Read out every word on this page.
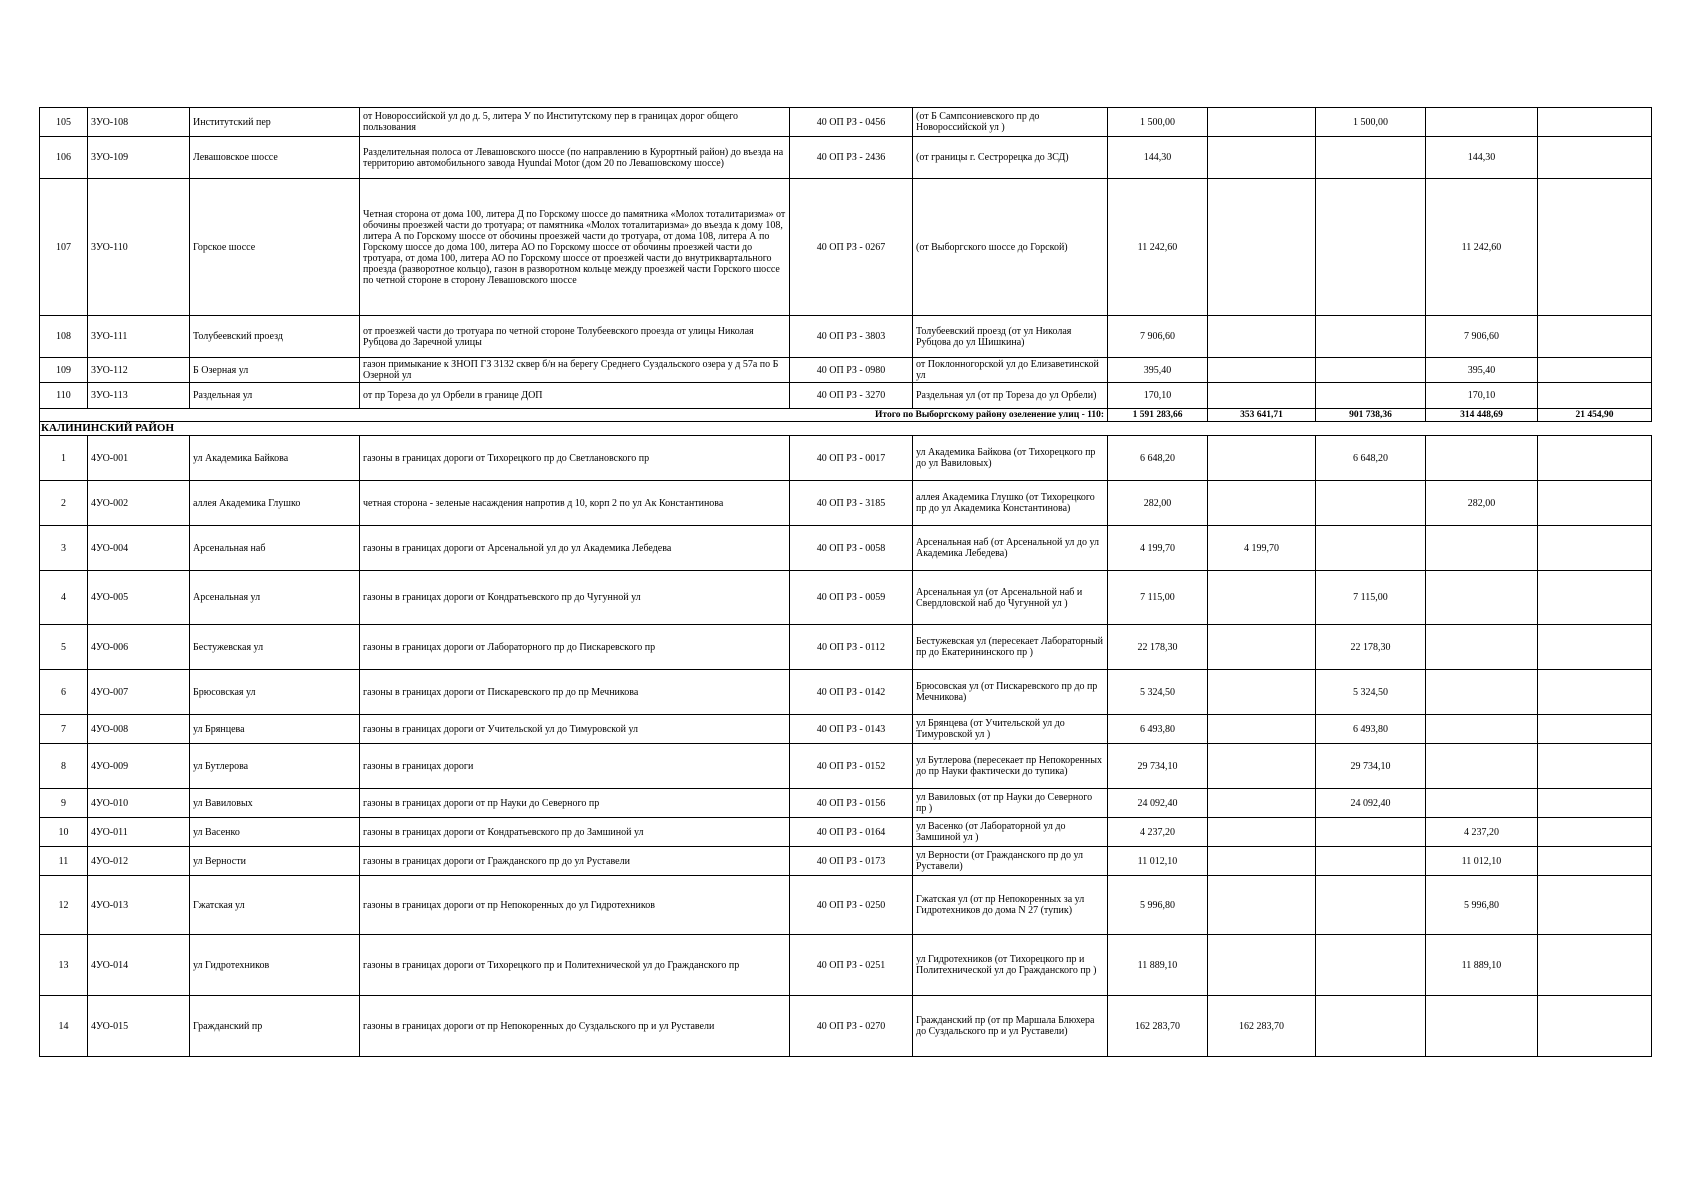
105	3УО-108	Институтский пер	от Новороссийской ул до д. 5, литера У по Институтскому пер в границах дорог общего пользования	40 ОП РЗ - 0456	(от Б Сампсониевского пр до Новороссийской ул )	1 500,00		1 500,00		
106	3УО-109	Левашовское шоссе	Разделительная полоса от Левашовского шоссе (по направлению в Курортный район) до въезда на территорию автомобильного завода Hyundai Motor (дом 20 по Левашовскому шоссе)	40 ОП РЗ - 2436	(от границы г. Сестрорецка до ЗСД)	144,30			144,30	
107	3УО-110	Горское шоссе	Четная сторона от дома 100, литера Д по Горскому шоссе до памятника «Молох тоталитаризма» от обочины проезжей части до тротуара; от памятника «Молох тоталитаризма» до въезда к дому 108, литера А по Горскому шоссе от обочины проезжей части до тротуара, от дома 108, литера А по Горскому шоссе до дома 100, литера АО по Горскому шоссе от обочины проезжей части до тротуара, от дома 100, литера АО по Горскому шоссе от проезжей части до внутриквартального проезда (разворотное кольцо), газон в разворотном кольце между проезжей части Горского шоссе по четной стороне в сторону Левашовского шоссе	40 ОП РЗ - 0267	(от Выборгского шоссе до Горской)	11 242,60			11 242,60	
108	3УО-111	Толубеевский проезд	от проезжей части до тротуара по четной стороне Толубеевского проезда от улицы Николая Рубцова до Заречной улицы	40 ОП РЗ - 3803	Толубеевский проезд (от ул Николая Рубцова до ул Шишкина)	7 906,60			7 906,60	
109	3УО-112	Б Озерная ул	газон примыкание к ЗНОП ГЗ 3132 сквер б/н на берегу Среднего Суздальского озера у д 57а по Б Озерной ул	40 ОП РЗ - 0980	от Поклонногорской ул до Елизаветинской ул	395,40			395,40	
110	3УО-113	Раздельная ул	от пр Тореза до ул Орбели в границе ДОП	40 ОП РЗ - 3270	Раздельная ул (от пр Тореза до ул Орбели)	170,10			170,10	
Итого по Выборгскому району озеленение улиц - 110:						1 591 283,66	353 641,71	901 738,36	314 448,69	21 454,90
КАЛИНИНСКИЙ РАЙОН										
1	4УО-001	ул Академика Байкова	газоны в границах дороги от Тихорецкого пр до Светлановского пр	40 ОП РЗ - 0017	ул Академика Байкова (от Тихорецкого пр до ул Вавиловых)	6 648,20		6 648,20		
2	4УО-002	аллея Академика Глушко	четная сторона - зеленые насаждения напротив д 10, корп 2 по ул Ак Константинова	40 ОП РЗ - 3185	аллея Академика Глушко (от Тихорецкого пр до ул Академика Константинова)	282,00			282,00	
3	4УО-004	Арсенальная наб	газоны в границах дороги от Арсенальной ул до ул Академика Лебедева	40 ОП РЗ - 0058	Арсенальная наб (от Арсенальной ул до ул Академика Лебедева)	4 199,70	4 199,70			
4	4УО-005	Арсенальная ул	газоны в границах дороги от Кондратьевского пр до Чугунной ул	40 ОП РЗ - 0059	Арсенальная ул (от Арсенальной наб и Свердловской наб до Чугунной ул )	7 115,00		7 115,00		
5	4УО-006	Бестужевская ул	газоны в границах дороги от Лабораторного пр до Пискаревского пр	40 ОП РЗ - 0112	Бестужевская ул (пересекает Лабораторный пр до Екатерининского пр )	22 178,30		22 178,30		
6	4УО-007	Брюсовская ул	газоны в границах дороги от Пискаревского пр до пр Мечникова	40 ОП РЗ - 0142	Брюсовская ул (от Пискаревского пр до пр Мечникова)	5 324,50		5 324,50		
7	4УО-008	ул Брянцева	газоны в границах дороги от Учительской ул до Тимуровской ул	40 ОП РЗ - 0143	ул Брянцева (от Учительской ул до Тимуровской ул )	6 493,80		6 493,80		
8	4УО-009	ул Бутлерова	газоны в границах дороги	40 ОП РЗ - 0152	ул Бутлерова (пересекает пр Непокоренных до пр Науки фактически до тупика)	29 734,10		29 734,10		
9	4УО-010	ул Вавиловых	газоны в границах дороги от пр Науки до Северного пр	40 ОП РЗ - 0156	ул Вавиловых (от пр Науки до Северного пр )	24 092,40		24 092,40		
10	4УО-011	ул Васенко	газоны в границах дороги от Кондратьевского пр до Замшиной ул	40 ОП РЗ - 0164	ул Васенко (от Лабораторной ул до Замшиной ул )	4 237,20			4 237,20	
11	4УО-012	ул Верности	газоны в границах дороги от Гражданского пр до ул Руставели	40 ОП РЗ - 0173	ул Верности (от Гражданского пр до ул Руставели)	11 012,10			11 012,10	
12	4УО-013	Гжатская ул	газоны в границах дороги от пр Непокоренных до ул Гидротехников	40 ОП РЗ - 0250	Гжатская ул (от пр Непокоренных за ул Гидротехников до дома N 27 (тупик)	5 996,80			5 996,80	
13	4УО-014	ул Гидротехников	газоны в границах дороги от Тихорецкого пр и Политехнической ул до Гражданского пр	40 ОП РЗ - 0251	ул Гидротехников (от Тихорецкого пр и Политехнической ул до Гражданского пр )	11 889,10			11 889,10	
14	4УО-015	Гражданский пр	газоны в границах дороги от пр Непокоренных до Суздальского пр и ул Руставели	40 ОП РЗ - 0270	Гражданский пр (от пр Маршала Блюхера до Суздальского пр и ул Руставели)	162 283,70	162 283,70			
